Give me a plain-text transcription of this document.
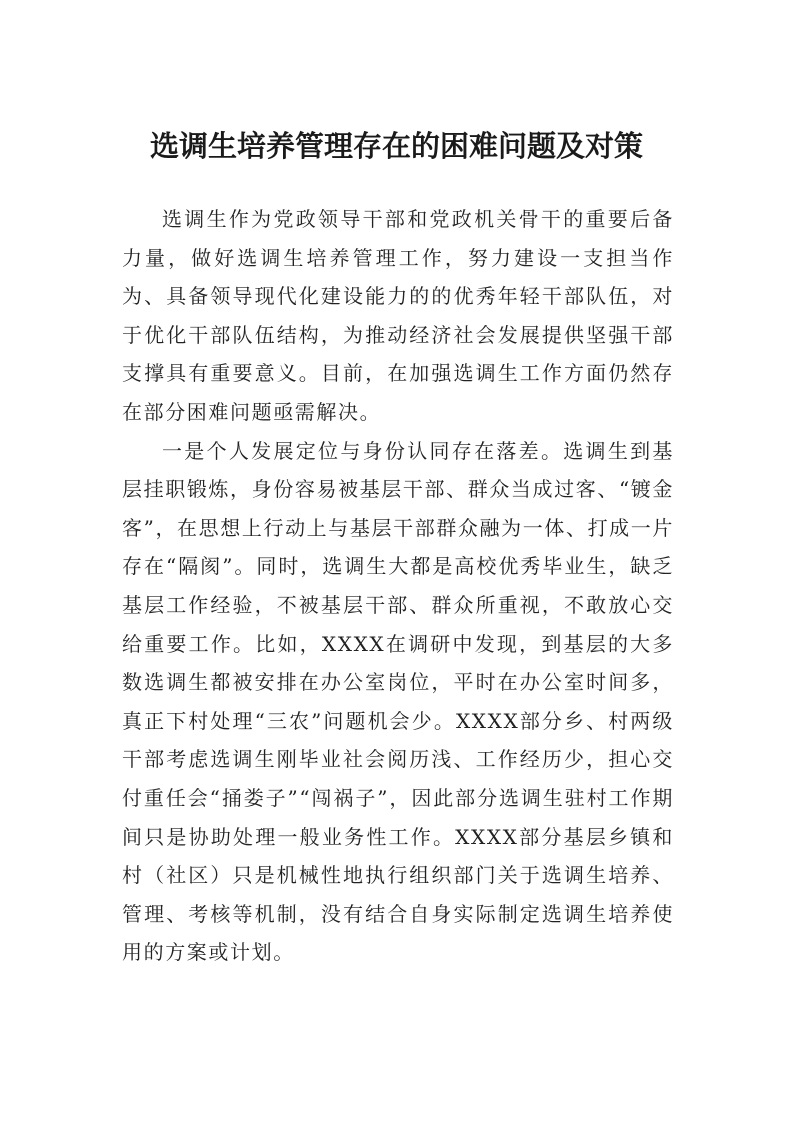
选调生培养管理存在的困难问题及对策

选调生作为党政领导干部和党政机关骨干的重要后备力量，做好选调生培养管理工作，努力建设一支担当作为、具备领导现代化建设能力的的优秀年轻干部队伍，对于优化干部队伍结构，为推动经济社会发展提供坚强干部支撑具有重要意义。目前，在加强选调生工作方面仍然存在部分困难问题亟需解决。

一是个人发展定位与身份认同存在落差。选调生到基层挂职锻炼，身份容易被基层干部、群众当成过客、“镀金客”，在思想上行动上与基层干部群众融为一体、打成一片存在“隔阂”。同时，选调生大都是高校优秀毕业生，缺乏基层工作经验，不被基层干部、群众所重视，不敢放心交给重要工作。比如，XXXX在调研中发现，到基层的大多数选调生都被安排在办公室岗位，平时在办公室时间多，真正下村处理“三农”问题机会少。XXXX部分乡、村两级干部考虑选调生刚毕业社会阅历浅、工作经历少，担心交付重任会“捅娄子”“闯祸子”，因此部分选调生驻村工作期间只是协助处理一般业务性工作。XXXX部分基层乡镇和村（社区）只是机械性地执行组织部门关于选调生培养、管理、考核等机制，没有结合自身实际制定选调生培养使用的方案或计划。
